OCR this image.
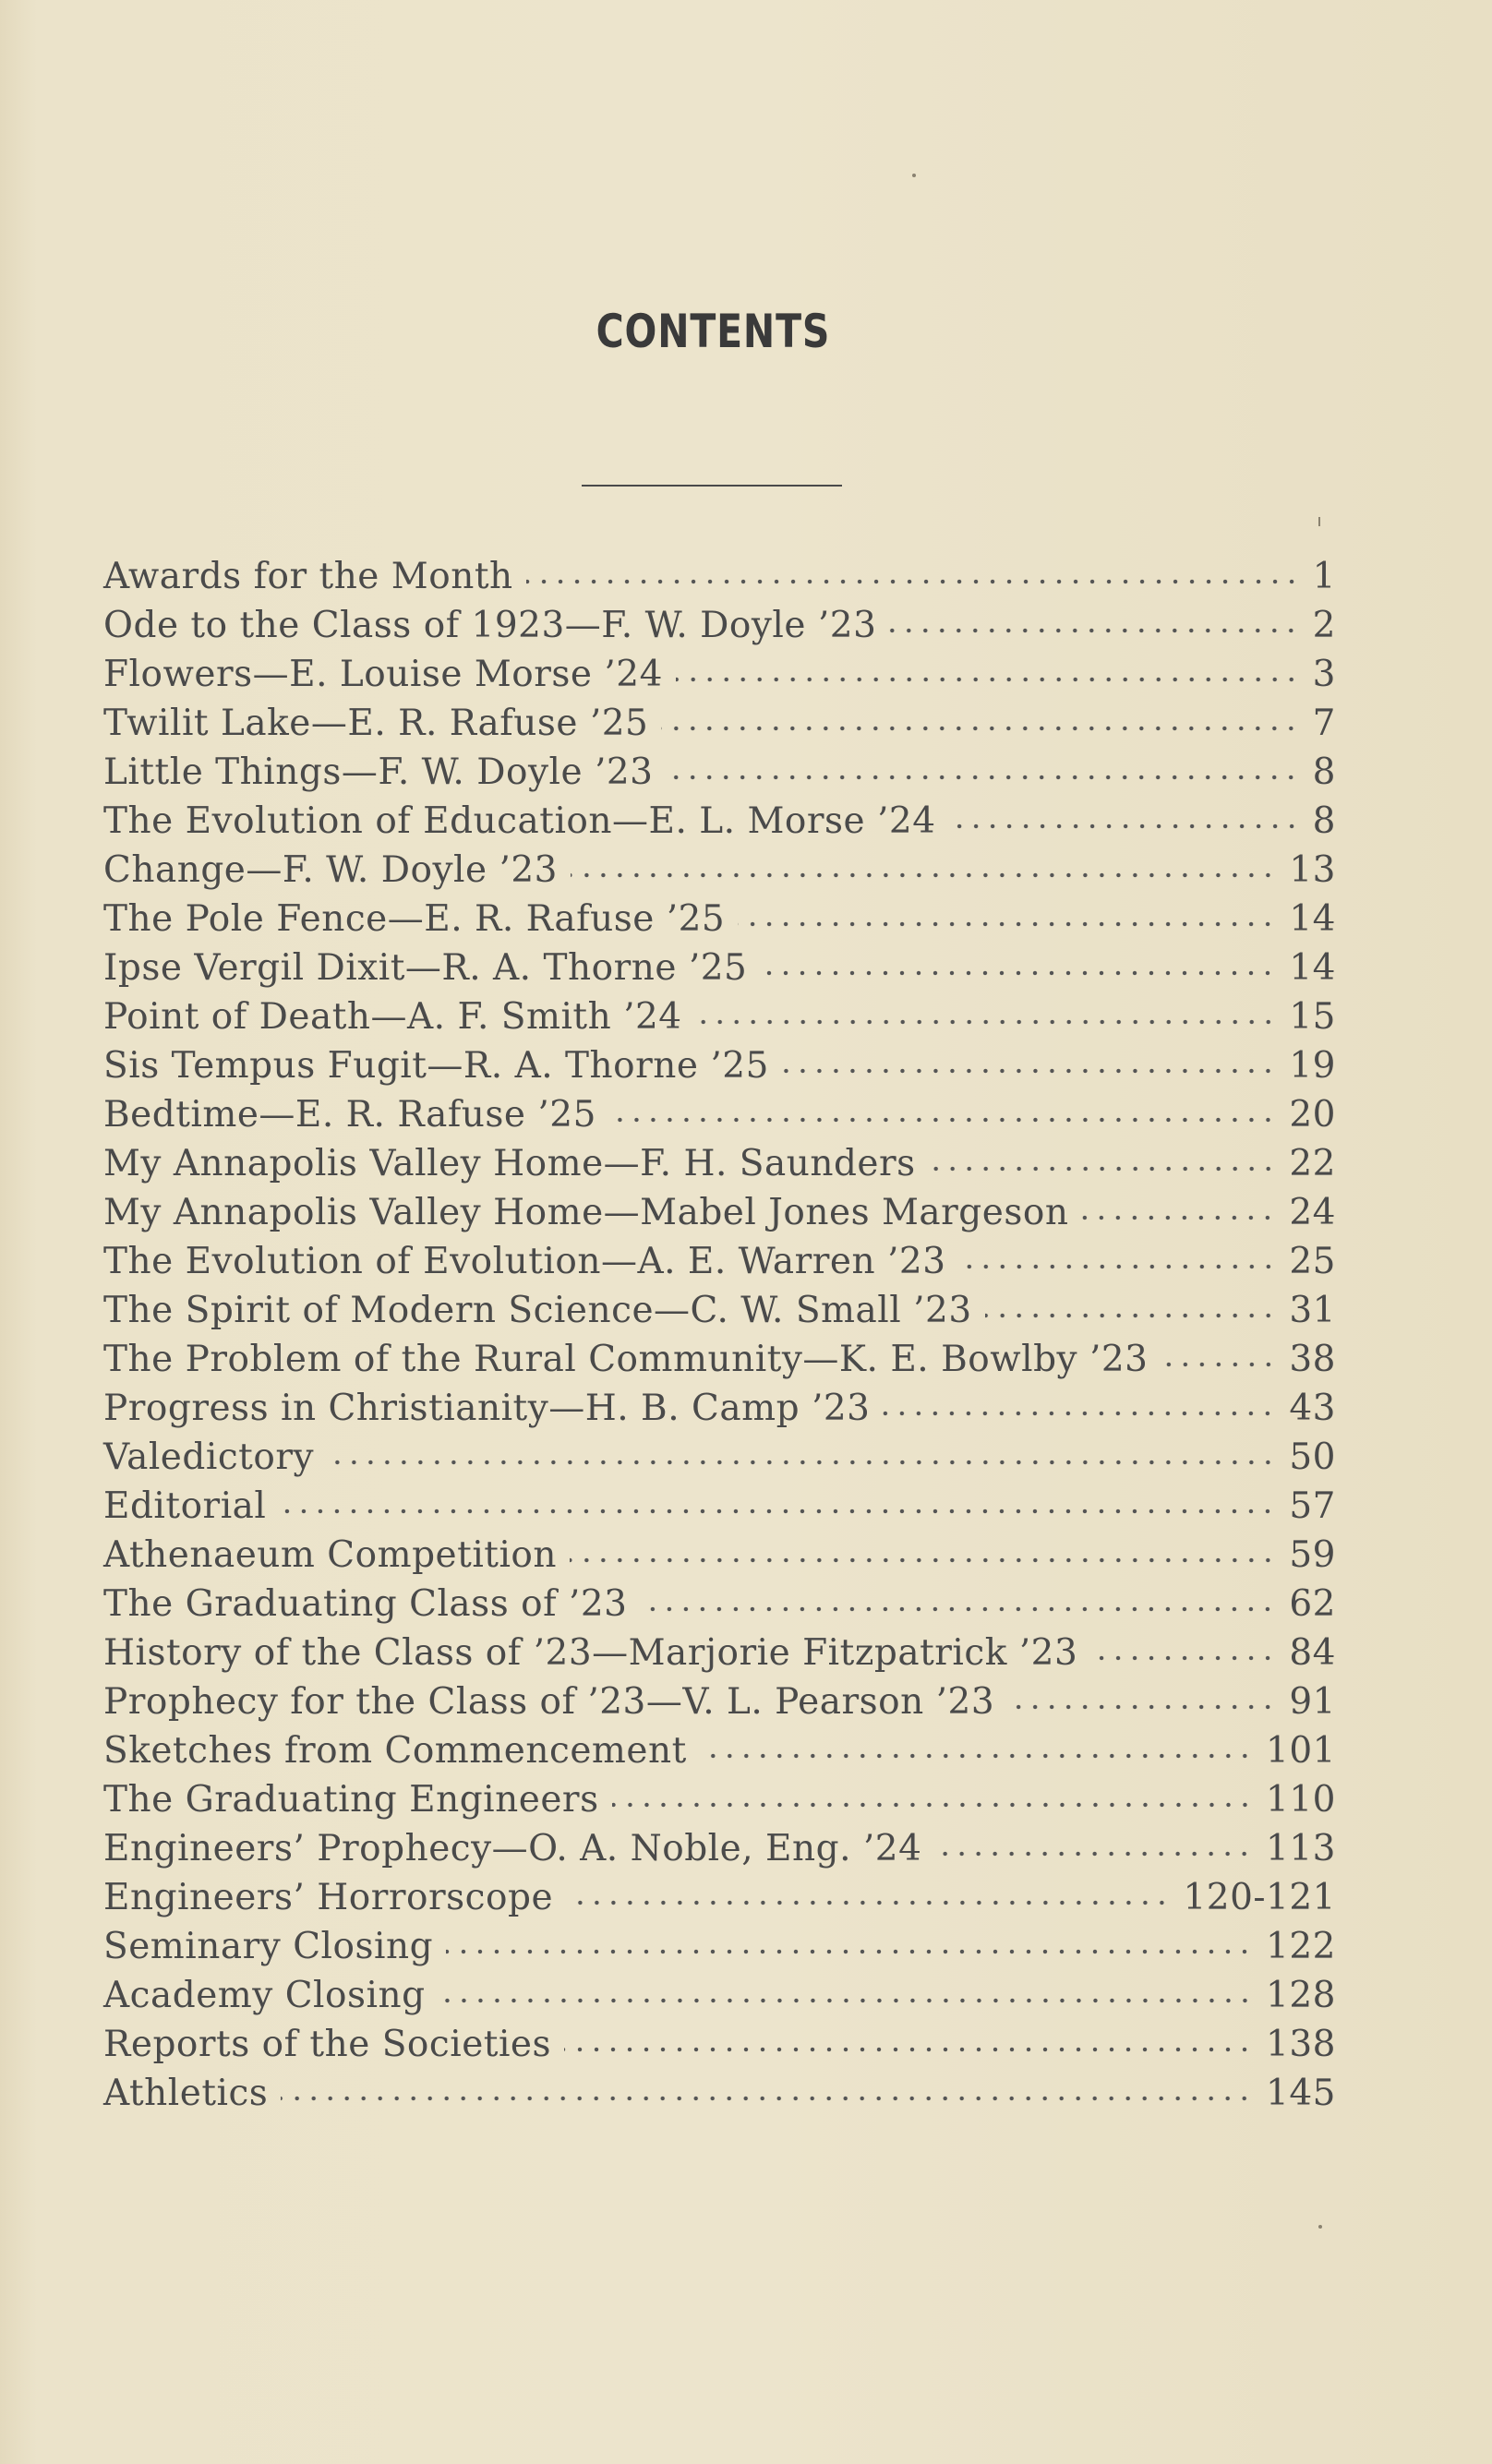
CONTENTS
Awards for the Month	1
Ode to the Class of 1923—F. W. Doyle ’23	2
Flowers—E. Louise Morse ’24	3
Twilit Lake—E. R. Rafuse ’25	7
Little Things—F. W. Doyle ’23	8
The Evolution of Education—E. L. Morse ’24	8
Change—F. W. Doyle ’23	13
The Pole Fence—E. R. Rafuse ’25	14
Ipse Vergil Dixit—R. A. Thorne ’25	14
Point of Death—A. F. Smith ’24	15
Sis Tempus Fugit—R. A. Thorne ’25	19
Bedtime—E. R. Rafuse ’25	20
My Annapolis Valley Home—F. H. Saunders	22
My Annapolis Valley Home—Mabel Jones Margeson	24
The Evolution of Evolution—A. E. Warren ’23	25
The Spirit of Modern Science—C. W. Small ’23	31
The Problem of the Rural Community—K. E. Bowlby ’23	38
Progress in Christianity—H. B. Camp ’23	43
Valedictory	50
Editorial	57
Athenaeum Competition	59
The Graduating Class of ’23	62
History of the Class of ’23—Marjorie Fitzpatrick ’23	84
Prophecy for the Class of ’23—V. L. Pearson ’23	91
Sketches from Commencement	101
The Graduating Engineers	110
Engineers’ Prophecy—O. A. Noble, Eng. ’24	113
Engineers’ Horrorscope	120-121
Seminary Closing	122
Academy Closing	128
Reports of the Societies	138
Athletics	145
